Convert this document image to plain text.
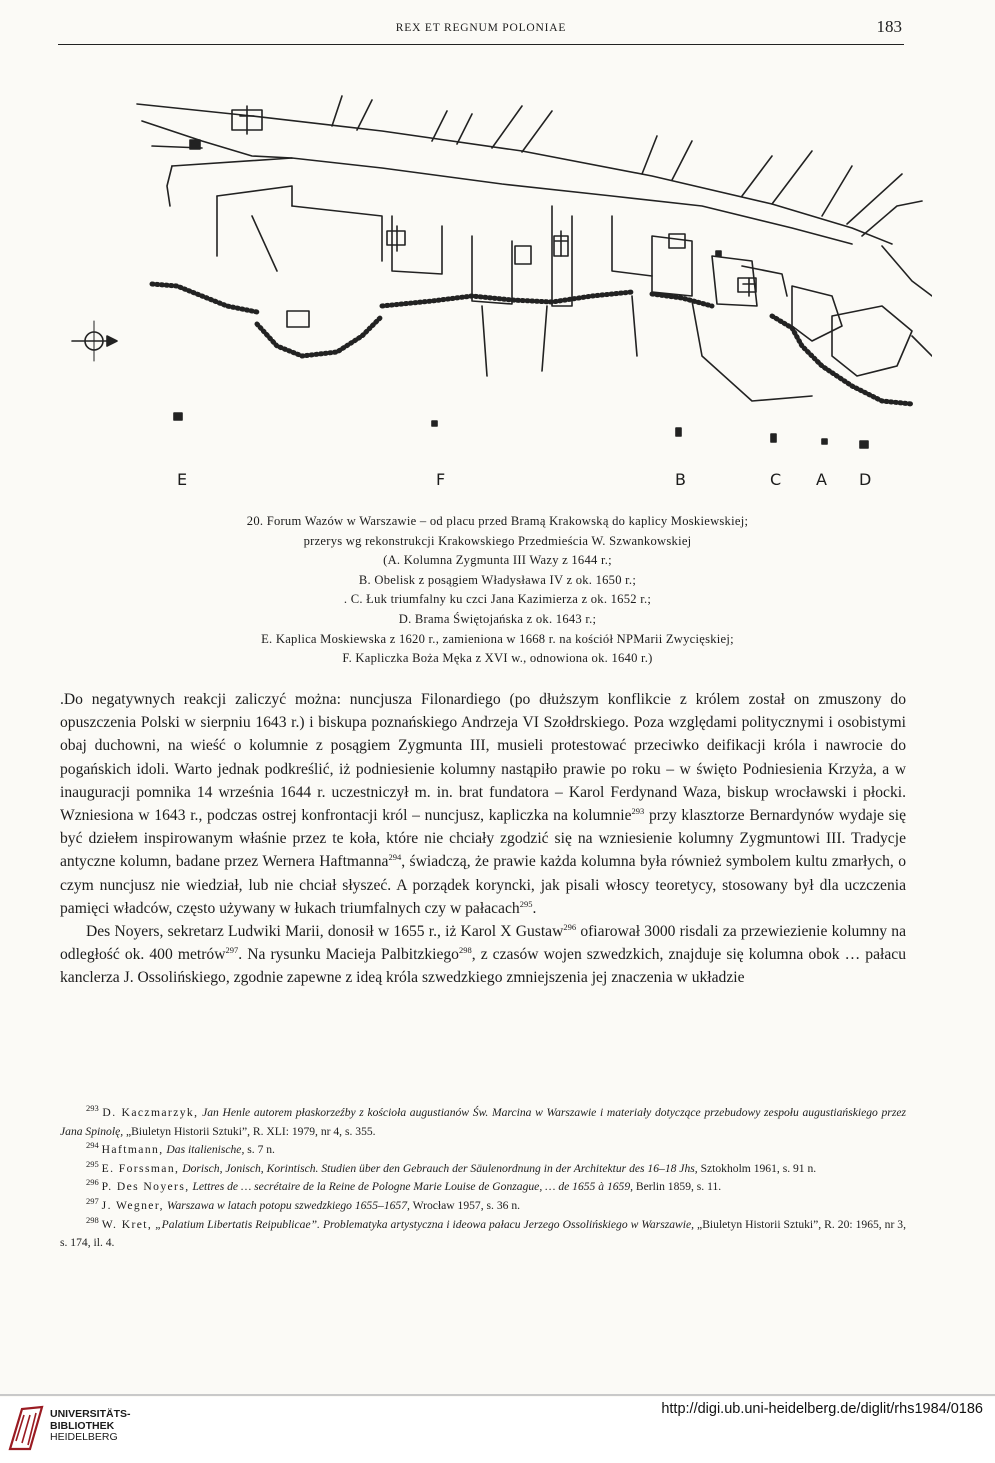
REX ET REGNUM POLONIAE	183
E	F	B	C A D
20. Forum Wazów w Warszawie – od placu przed Bramą Krakowską do kaplicy Moskiewskiej;
przerys wg rekonstrukcji Krakowskiego Przedmieścia W. Szwankowskiej
(A. Kolumna Zygmunta III Wazy z 1644 r.;
B. Obelisk z posągiem Władysława IV z ok. 1650 r.;
. C. Łuk triumfalny ku czci Jana Kazimierza z ok. 1652 r.;
D. Brama Świętojańska z ok. 1643 r.;
E. Kaplica Moskiewska z 1620 r., zamieniona w 1668 r. na kościół NPMarii Zwycięskiej;
F. Kapliczka Boża Męka z XVI w., odnowiona ok. 1640 r.)

.Do negatywnych reakcji zaliczyć można: nuncjusza Filonardiego (po dłuższym konflikcie z królem został on zmuszony do opuszczenia Polski w sierpniu 1643 r.) i biskupa poznańskiego Andrzeja VI Szołdrskiego. Poza względami politycznymi i osobistymi obaj duchowni, na wieść o kolumnie z posągiem Zygmunta III, musieli protestować przeciwko deifikacji króla i nawrocie do pogańskich idoli. Warto jednak podkreślić, iż podniesienie kolumny nastąpiło prawie po roku – w święto Podniesienia Krzyża, a w inauguracji pomnika 14 września 1644 r. uczestniczył m. in. brat fundatora – Karol Ferdynand Waza, biskup wrocławski i płocki. Wzniesiona w 1643 r., podczas ostrej konfrontacji król – nuncjusz, kapliczka na kolumnie$^{293}$ przy klasztorze Bernardynów wydaje się być dziełem inspirowanym właśnie przez te koła, które nie chciały zgodzić się na wzniesienie kolumny Zygmuntowi III. Tradycje antyczne kolumn, badane przez Wernera Haftmanna$^{294}$, świadczą, że prawie każda kolumna była również symbolem kultu zmarłych, o czym nuncjusz nie wiedział, lub nie chciał słyszeć. A porządek koryncki, jak pisali włoscy teoretycy, stosowany był dla uczczenia pamięci władców, często używany w łukach triumfalnych czy w pałacach$^{295}$.

Des Noyers, sekretarz Ludwiki Marii, donosił w 1655 r., iż Karol X Gustaw$^{296}$ ofiarował 3000 risdali za przewiezienie kolumny na odległość ok. 400 metrów$^{297}$. Na rysunku Macieja Palbitzkiego$^{298}$, z czasów wojen szwedzkich, znajduje się kolumna obok … pałacu kanclerza J. Ossolińskiego, zgodnie zapewne z ideą króla szwedzkiego zmniejszenia jej znaczenia w układzie

$^{293}$ D. Kaczmarzyk, Jan Henle autorem płaskorzeźby z kościoła augustianów Św. Marcina w Warszawie i materiały dotyczące przebudowy zespołu augustiańskiego przez Jana Spinolę, „Biuletyn Historii Sztuki”, R. XLI: 1979, nr 4, s. 355.

$^{294}$ Haftmann, Das italienische, s. 7 n.

$^{295}$ E. Forssman, Dorisch, Jonisch, Korintisch. Studien über den Gebrauch der Säulenordnung in der Architektur des 16–18 Jhs, Sztokholm 1961, s. 91 n.

$^{296}$ P. Des Noyers, Lettres de … secrétaire de la Reine de Pologne Marie Louise de Gonzague, … de 1655 à 1659, Berlin 1859, s. 11.

$^{297}$ J. Wegner, Warszawa w latach potopu szwedzkiego 1655–1657, Wrocław 1957, s. 36 n.

$^{298}$ W. Kret, „Palatium Libertatis Reipublicae”. Problematyka artystyczna i ideowa pałacu Jerzego Ossolińskiego w Warszawie, „Biuletyn Historii Sztuki”, R. 20: 1965, nr 3, s. 174, il. 4.

UNIVERSITÄTS-
BIBLIOTHEK
HEIDELBERG
http://digi.ub.uni-heidelberg.de/diglit/rhs1984/0186
